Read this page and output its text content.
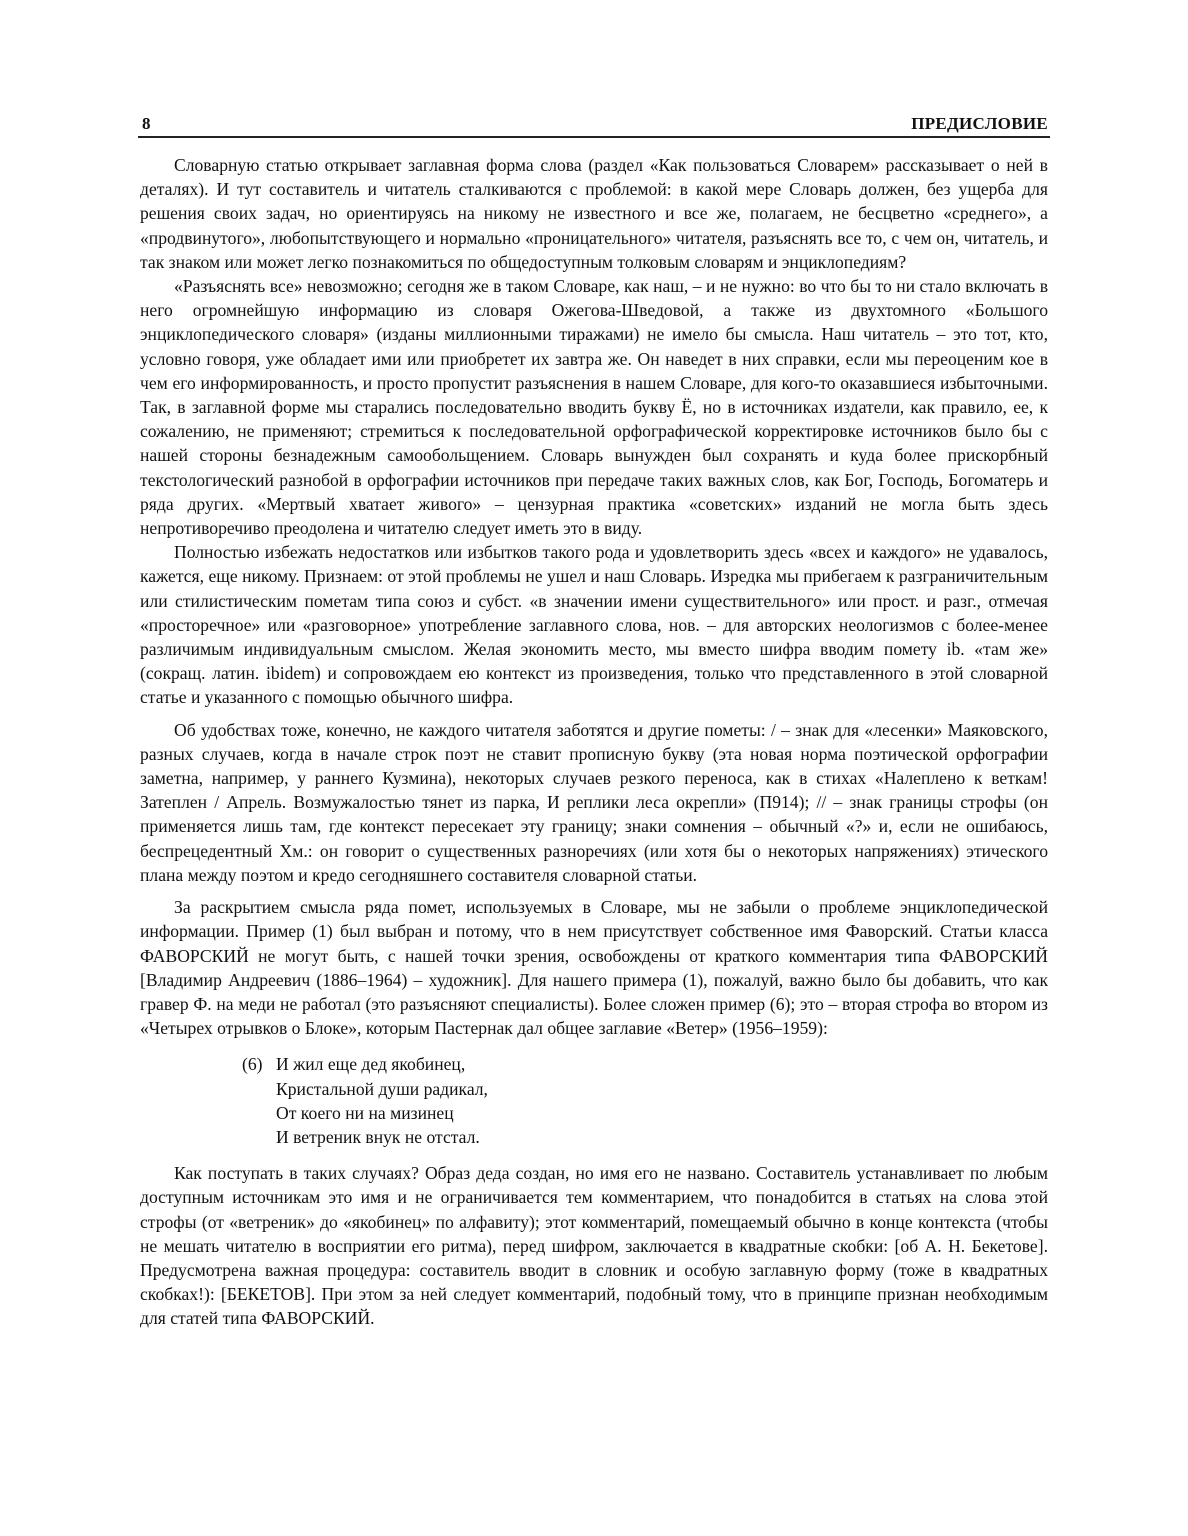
8	ПРЕДИСЛОВИЕ

Словарную статью открывает заглавная форма слова (раздел «Как пользоваться Словарем» рассказывает о ней в деталях). И тут составитель и читатель сталкиваются с проблемой: в какой мере Словарь должен, без ущерба для решения своих задач, но ориентируясь на никому не известного и все же, полагаем, не бесцветно «среднего», а «продвинутого», любопытствующего и нормально «проницательного» читателя, разъяснять все то, с чем он, читатель, и так знаком или может легко познакомиться по общедоступным толковым словарям и энциклопедиям?

«Разъяснять все» невозможно; сегодня же в таком Словаре, как наш, – и не нужно: во что бы то ни стало включать в него огромнейшую информацию из словаря Ожегова-Шведовой, а также из двухтомного «Большого энциклопедического словаря» (изданы миллионными тиражами) не имело бы смысла. Наш читатель – это тот, кто, условно говоря, уже обладает ими или приобретет их завтра же. Он наведет в них справки, если мы переоценим кое в чем его информированность, и просто пропустит разъяснения в нашем Словаре, для кого-то оказавшиеся избыточными. Так, в заглавной форме мы старались последовательно вводить букву Ё, но в источниках издатели, как правило, ее, к сожалению, не применяют; стремиться к последовательной орфографической корректировке источников было бы с нашей стороны безнадежным самообольщением. Словарь вынужден был сохранять и куда более прискорбный текстологический разнобой в орфографии источников при передаче таких важных слов, как Бог, Господь, Богоматерь и ряда других. «Мертвый хватает живого» – цензурная практика «советских» изданий не могла быть здесь непротиворечиво преодолена и читателю следует иметь это в виду.

Полностью избежать недостатков или избытков такого рода и удовлетворить здесь «всех и каждого» не удавалось, кажется, еще никому. Признаем: от этой проблемы не ушел и наш Словарь. Изредка мы прибегаем к разграничительным или стилистическим пометам типа союз и субст. «в значении имени существительного» или прост. и разг., отмечая «просторечное» или «разговорное» употребление заглавного слова, нов. – для авторских неологизмов с более-менее различимым индивидуальным смыслом. Желая экономить место, мы вместо шифра вводим помету ib. «там же» (сокращ. латин. ibidem) и сопровождаем ею контекст из произведения, только что представленного в этой словарной статье и указанного с помощью обычного шифра.

Об удобствах тоже, конечно, не каждого читателя заботятся и другие пометы: / – знак для «лесенки» Маяковского, разных случаев, когда в начале строк поэт не ставит прописную букву (эта новая норма поэтической орфографии заметна, например, у раннего Кузмина), некоторых случаев резкого переноса, как в стихах «Налеплено к веткам! Затеплен / Апрель. Возмужалостью тянет из парка, И реплики леса окрепли» (П914); // – знак границы строфы (он применяется лишь там, где контекст пересекает эту границу; знаки сомнения – обычный «?» и, если не ошибаюсь, беспрецедентный Хм.: он говорит о существенных разноречиях (или хотя бы о некоторых напряжениях) этического плана между поэтом и кредо сегодняшнего составителя словарной статьи.

За раскрытием смысла ряда помет, используемых в Словаре, мы не забыли о проблеме энциклопедической информации. Пример (1) был выбран и потому, что в нем присутствует собственное имя Фаворский. Статьи класса ФАВОРСКИЙ не могут быть, с нашей точки зрения, освобождены от краткого комментария типа ФАВОРСКИЙ [Владимир Андреевич (1886–1964) – художник]. Для нашего примера (1), пожалуй, важно было бы добавить, что как гравер Ф. на меди не работал (это разъясняют специалисты). Более сложен пример (6); это – вторая строфа во втором из «Четырех отрывков о Блоке», которым Пастернак дал общее заглавие «Ветер» (1956–1959):

(6) И жил еще дед якобинец,
Кристальной души радикал,
От коего ни на мизинец
И ветреник внук не отстал.

Как поступать в таких случаях? Образ деда создан, но имя его не названо. Составитель устанавливает по любым доступным источникам это имя и не ограничивается тем комментарием, что понадобится в статьях на слова этой строфы (от «ветреник» до «якобинец» по алфавиту); этот комментарий, помещаемый обычно в конце контекста (чтобы не мешать читателю в восприятии его ритма), перед шифром, заключается в квадратные скобки: [об А. Н. Бекетове]. Предусмотрена важная процедура: составитель вводит в словник и особую заглавную форму (тоже в квадратных скобках!): [БЕКЕТОВ]. При этом за ней следует комментарий, подобный тому, что в принципе признан необходимым для статей типа ФАВОРСКИЙ.
